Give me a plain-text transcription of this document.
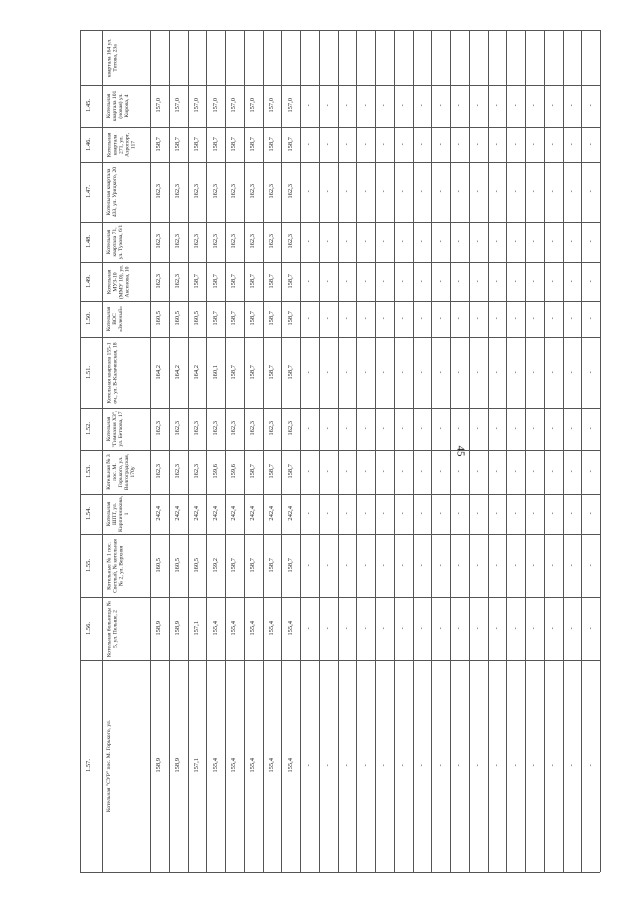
квартала 164 ул. Титова, 23а
1.45.	Котельная квартала 101 (новая) ул. Кирова, 4	157,0 157,0 157,0 157,0 157,0 157,0 157,0 157,0 - - - - - - - - - - - - - - - -
1.46.	Котельная квартала 271, ул. Аэропорт, 117	158,7 158,7 158,7 158,7 158,7 158,7 158,7 158,7 - - - - - - - - - - - - - - - -
1.47.	Котельная квартала 433, ул. Урицкого, 20	162,3 162,3 162,3 162,3 162,3 162,3 162,3 162,3 - - - - - - - - - - - - - - - -
1.48.	Котельная квартала 71, ул. Тухова, 6/1	162,3 162,3 162,3 162,3 162,3 162,3 162,3 162,3 - - - - - - - - - - - - - - - -
1.49.	Котельная МУЗ-10 (ММУ 10), ул. Аксенова, 10	162,3 162,3 158,7 158,7 158,7 158,7 158,7 158,7 - - - - - - - - - - - - - - - -
1.50.	Котельная ВОС «Зеленый»	160,5 160,5 160,5 158,7 158,7 158,7 158,7 158,7 - - - - - - - - - - - - - - - -
1.51.	Котельная квартала 155-1 оч., ул. В-Калачевская, 18	164,2 164,2 164,2 160,1 158,7 158,7 158,7 158,7 - - - - - - - - - - - - - - - -
1.52.	Котельная "Гимназия ХЗ", ул. Бетхова, 17	162,3 162,3 162,3 162,3 162,3 162,3 162,3 162,3 - - - - - - - - - - - - - - - -
1.53.	Котельная № 3 пос. М. Горького, ул. Волгоградская, 170у	162,3 162,3 162,3 159,6 159,6 158,7 158,7 158,7 - - - - - - - - - - - - - - - -
1.54.	Котельная ШПТ, ул. Кирпичникова, 1	242,4 242,4 242,4 242,4 242,4 242,4 242,4 242,4 - - - - - - - - - - - - - - - -
1.55.	Котельные № 1 пос. Светлый, № котельная № 2, ул. Верхняя	160,5 160,5 160,5 159,2 158,7 158,7 158,7 158,7 - - - - - - - - - - - - - - - -
1.56.	Котельная больницы № 5, ул. Пельше, 2	158,9 158,9 157,1 155,4 155,4 155,4 155,4 155,4 - - - - - - - - - - - - - - - -
1.57.	Котельная "СУР" пос. М. Горького, ул.	158,9 158,9 157,1 155,4 155,4 155,4 155,4 155,4 - - - - - - - - - - - - - - - -
45
